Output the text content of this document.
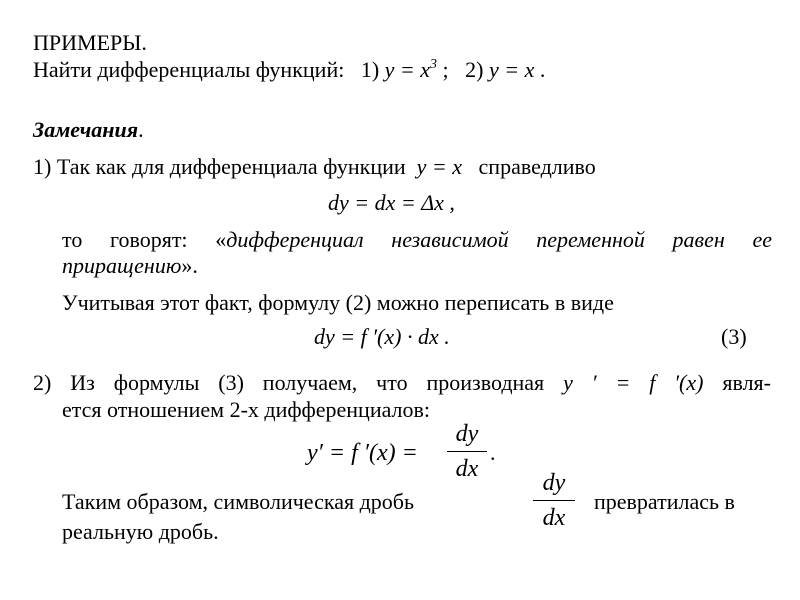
ПРИМЕРЫ.
Найти дифференциалы функций: 1) $y = x^3$ ; 2) y = x .
Замечания.
1) Так как для дифференциала функции y = x справедливо
dy = dx = Δx ,
то говорят: «дифференциал независимой переменной равен ее приращению».
Учитывая этот факт, формулу (2) можно переписать в виде
dy = f ′(x) · dx .	(3)
2) Из формулы (3) получаем, что производная y ′ = f ′(x) явля-
ется отношением 2-х дифференциалов:
y′ = f ′(x) =
dy
dx
.
Таким образом, символическая дробь
dy
dx
превратилась в
реальную дробь.
